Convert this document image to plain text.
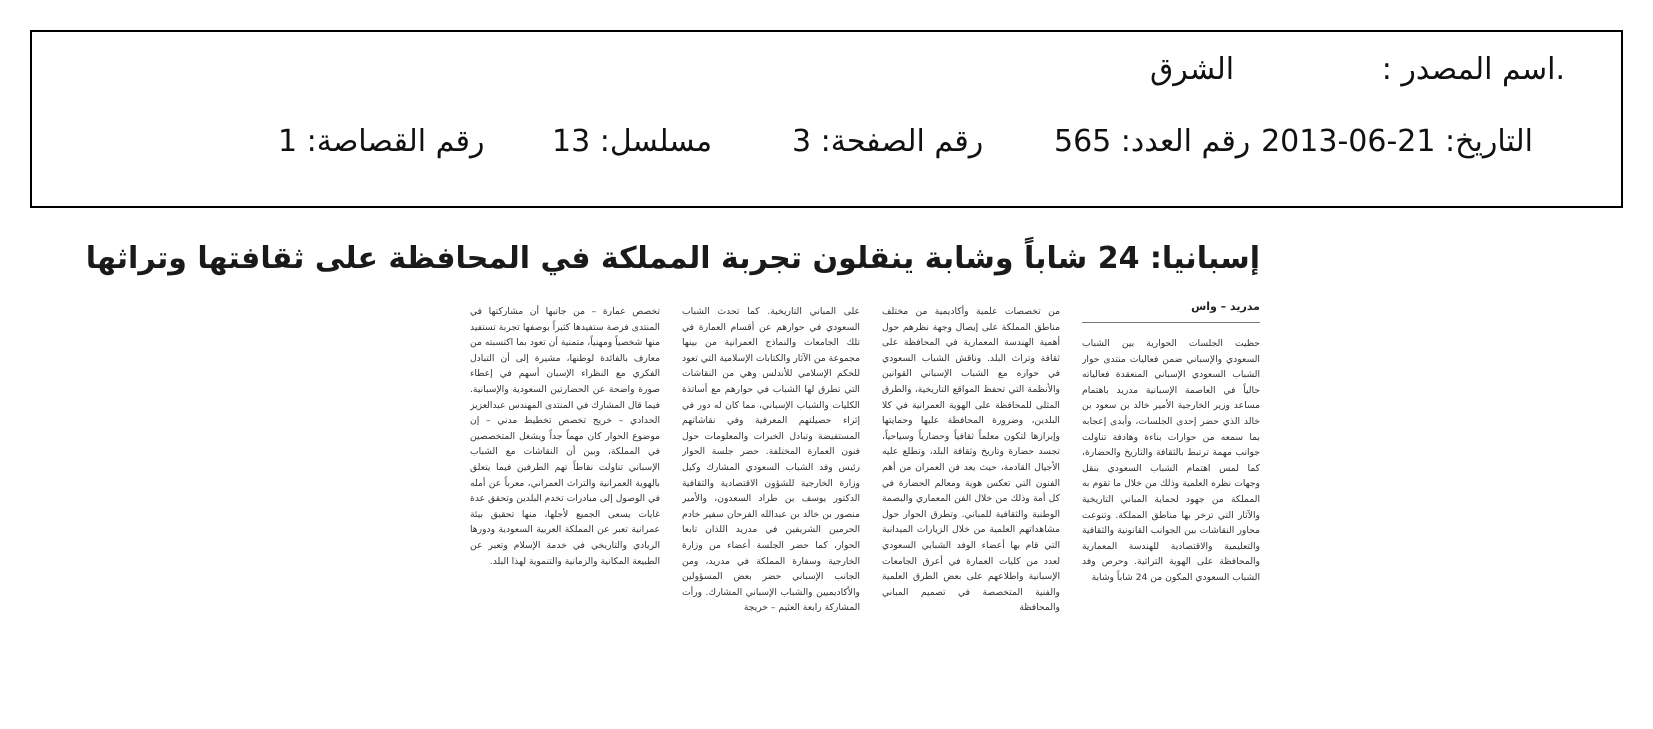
.اسم المصدر :
الشرق
التاريخ: 21-06-2013
رقم العدد: 565
رقم الصفحة: 3
مسلسل: 13
رقم القصاصة: 1
إسبانيا: 24 شاباً وشابة ينقلون تجربة المملكة في المحافظة على ثقافتها وتراثها
مدريد – واس
حظيت الجلسات الحوارية بين الشباب السعودي والإسباني ضمن فعاليات منتدى حوار الشباب السعودي الإسباني المنعقدة فعالياته حالياً في العاصمة الإسبانية مدريد باهتمام مساعد وزير الخارجية الأمير خالد بن سعود بن خالد الذي حضر إحدى الجلسات، وأبدى إعجابه بما سمعه من حوارات بناءة وهادفة تناولت جوانب مهمة ترتبط بالثقافة والتاريخ والحضارة، كما لمس اهتمام الشباب السعودي بنقل وجهات نظره العلمية وذلك من خلال ما تقوم به المملكة من جهود لحماية المباني التاريخية والآثار التي تزخر بها مناطق المملكة. وتنوعت محاور النقاشات بين الجوانب القانونية والثقافية والتعليمية والاقتصادية للهندسة المعمارية والمحافظة على الهوية التراثية. وحرص وفد الشباب السعودي المكون من 24 شاباً وشابة
من تخصصات علمية وأكاديمية من مختلف مناطق المملكة على إيصال وجهة نظرهم حول أهمية الهندسة المعمارية في المحافظة على ثقافة وتراث البلد. وناقش الشباب السعودي في حواره مع الشباب الإسباني القوانين والأنظمة التي تحفظ المواقع التاريخية، والطرق المثلى للمحافظة على الهوية العمرانية في كلا البلدين، وضرورة المحافظة عليها وحمايتها وإبرازها لتكون معلماً ثقافياً وحضارياً وسياحياً، تجسد حضارة وتاريخ وثقافة البلد، وتطلع عليه الأجيال القادمة، حيث يعد فن العمران من أهم الفنون التي تعكس هوية ومعالم الحضارة في كل أمة وذلك من خلال الفن المعماري والبصمة الوطنية والثقافية للمباني. وتطرق الحوار حول مشاهداتهم العلمية من خلال الزيارات الميدانية التي قام بها أعضاء الوفد الشبابي السعودي لعدد من كليات العمارة في أعرق الجامعات الإسبانية واطلاعهم على بعض الطرق العلمية والفنية المتخصصة في تصميم المباني والمحافظة
على المباني التاريخية. كما تحدث الشباب السعودي في حوارهم عن أقسام العمارة في تلك الجامعات والنماذج العمرانية من بينها مجموعة من الآثار والكتابات الإسلامية التي تعود للحكم الإسلامي للأندلس وهي من النقاشات التي تطرق لها الشباب في حوارهم مع أساتذة الكليات والشباب الإسباني، مما كان له دور في إثراء حصيلتهم المعرفية وفي نقاشاتهم المستفيضة وتبادل الخبرات والمعلومات حول فنون العمارة المختلفة. حضر جلسة الحوار رئيس وفد الشباب السعودي المشارك وكيل وزارة الخارجية للشؤون الاقتصادية والثقافية الدكتور يوسف بن طراد السعدون، والأمير منصور بن خالد بن عبدالله الفرحان سفير خادم الحرمين الشريفين في مدريد اللذان تابعا الحوار، كما حضر الجلسة أعضاء من وزارة الخارجية وسفارة المملكة في مدريد، ومن الجانب الإسباني حضر بعض المسؤولين والأكاديميين والشباب الإسباني المشارك. ورأت المشاركة رابعة العثيم – خريجة
تخصص عمارة – من جانبها أن مشاركتها في المنتدى فرصة ستفيدها كثيراً بوصفها تجربة تستفيد منها شخصياً ومهنياً، متمنية أن تعود بما اكتسبته من معارف بالفائدة لوطنها، مشيرة إلى أن التبادل الفكري مع النظراء الإسبان أسهم في إعطاء صورة واضحة عن الحضارتين السعودية والإسبانية. فيما قال المشارك في المنتدى المهندس عبدالعزيز الحدادي – خريج تخصص تخطيط مدني – إن موضوع الحوار كان مهماً جداً ويشغل المتخصصين في المملكة، وبين أن النقاشات مع الشباب الإسباني تناولت نقاطاً تهم الطرفين فيما يتعلق بالهوية العمرانية والتراث العمراني، معرباً عن أمله في الوصول إلى مبادرات تخدم البلدين وتحقق عدة غايات يسعى الجميع لأجلها، منها تحقيق بيئة عمرانية تعبر عن المملكة العربية السعودية ودورها الريادي والتاريخي في خدمة الإسلام وتعبر عن الطبيعة المكانية والزمانية والتنموية لهذا البلد.
